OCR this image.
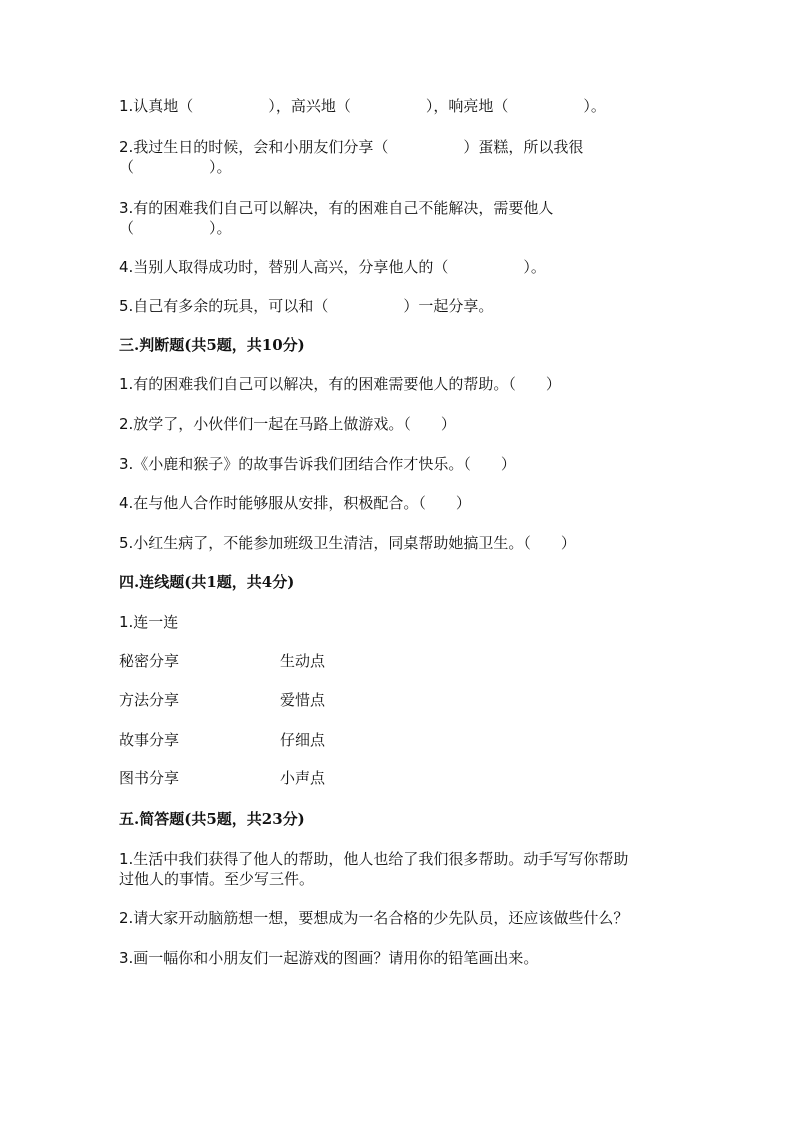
1.认真地（　　　　　），高兴地（　　　　　），响亮地（　　　　　）。
2.我过生日的时候，会和小朋友们分享（　　　　　）蛋糕，所以我很
（　　　　　）。
3.有的困难我们自己可以解决，有的困难自己不能解决，需要他人
（　　　　　）。
4.当别人取得成功时，替别人高兴，分享他人的（　　　　　）。
5.自己有多余的玩具，可以和（　　　　　）一起分享。
三.判断题(共5题，共10分)
1.有的困难我们自己可以解决，有的困难需要他人的帮助。（　　）
2.放学了，小伙伴们一起在马路上做游戏。（　　）
3.《小鹿和猴子》的故事告诉我们团结合作才快乐。（　　）
4.在与他人合作时能够服从安排，积极配合。（　　）
5.小红生病了，不能参加班级卫生清洁，同桌帮助她搞卫生。（　　）
四.连线题(共1题，共4分)
1.连一连
秘密分享	生动点
方法分享	爱惜点
故事分享	仔细点
图书分享	小声点
五.简答题(共5题，共23分)
1.生活中我们获得了他人的帮助，他人也给了我们很多帮助。动手写写你帮助
过他人的事情。至少写三件。
2.请大家开动脑筋想一想，要想成为一名合格的少先队员，还应该做些什么？
3.画一幅你和小朋友们一起游戏的图画？请用你的铅笔画出来。
